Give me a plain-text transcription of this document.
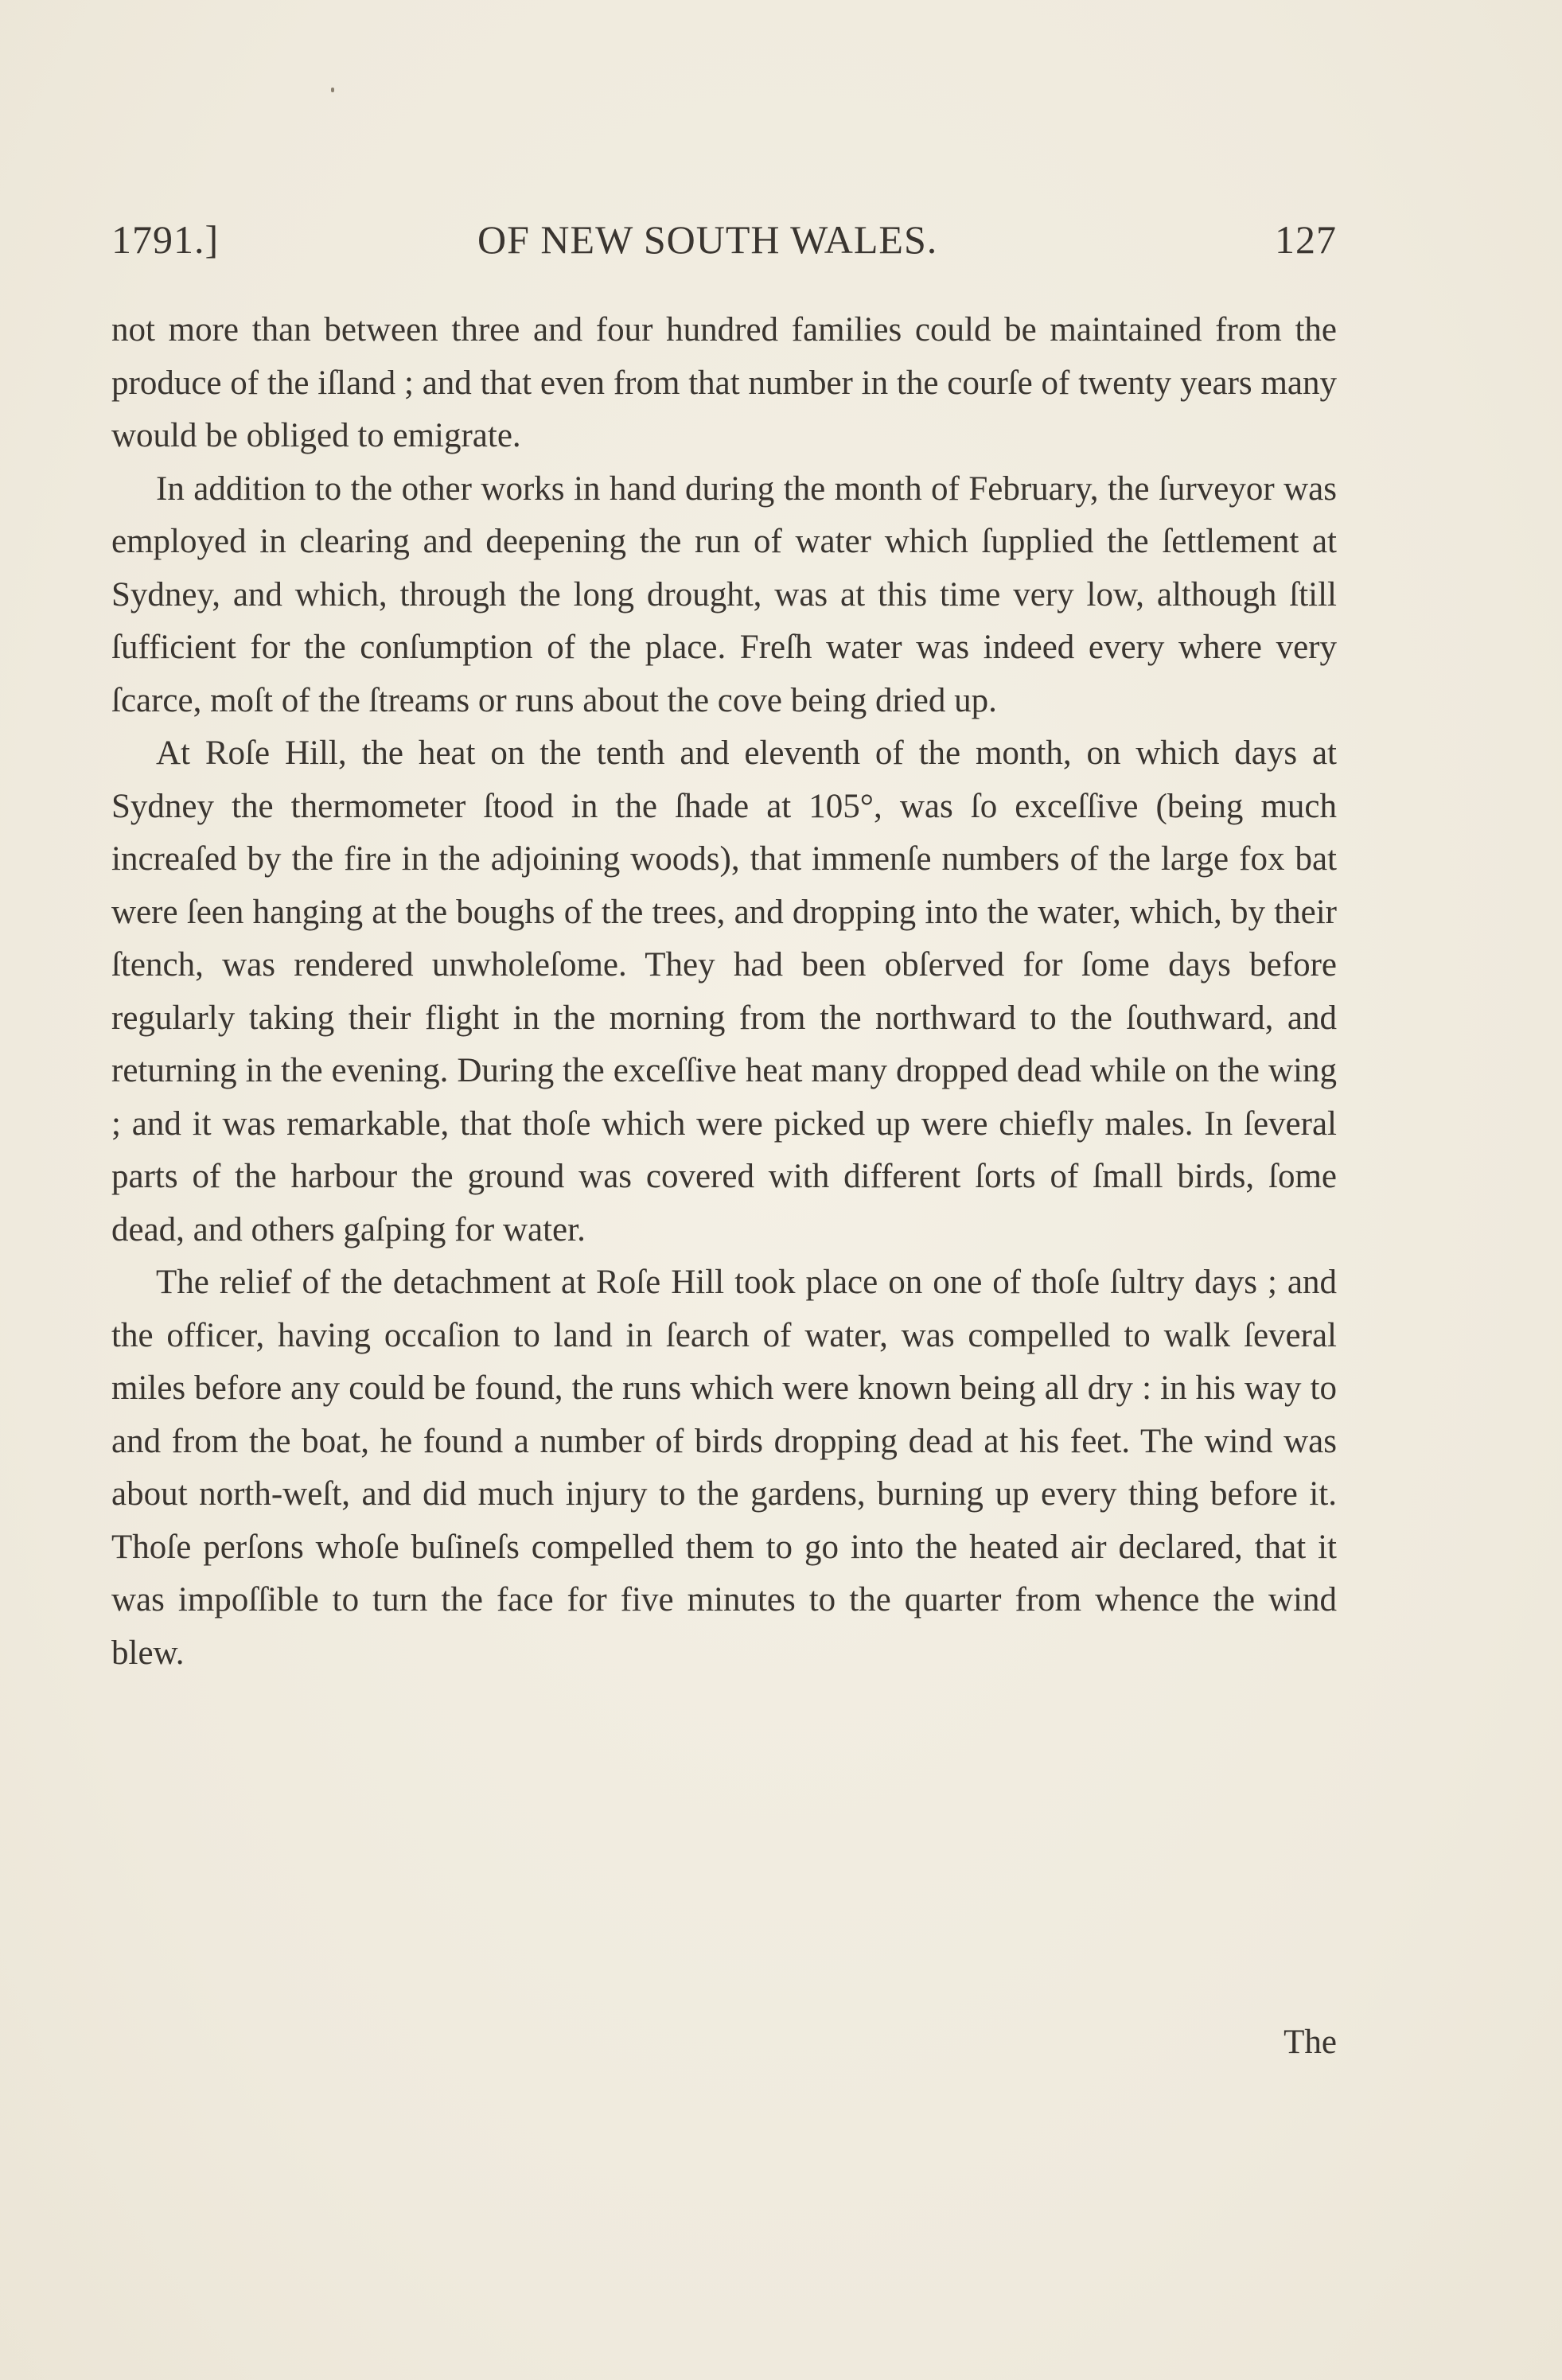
1791.]	OF NEW SOUTH WALES.	127

not more than between three and four hundred families could be maintained from the produce of the iſland ; and that even from that number in the courſe of twenty years many would be obliged to emigrate.

In addition to the other works in hand during the month of February, the ſurveyor was employed in clearing and deepening the run of water which ſupplied the ſettlement at Sydney, and which, through the long drought, was at this time very low, although ſtill ſufficient for the conſumption of the place. Freſh water was indeed every where very ſcarce, moſt of the ſtreams or runs about the cove being dried up.

At Roſe Hill, the heat on the tenth and eleventh of the month, on which days at Sydney the thermometer ſtood in the ſhade at 105°, was ſo exceſſive (being much increaſed by the fire in the adjoining woods), that immenſe numbers of the large fox bat were ſeen hanging at the boughs of the trees, and dropping into the water, which, by their ſtench, was rendered unwholeſome. They had been obſerved for ſome days before regularly taking their flight in the morning from the northward to the ſouthward, and returning in the evening. During the exceſſive heat many dropped dead while on the wing ; and it was remarkable, that thoſe which were picked up were chiefly males. In ſeveral parts of the harbour the ground was covered with different ſorts of ſmall birds, ſome dead, and others gaſping for water.

The relief of the detachment at Roſe Hill took place on one of thoſe ſultry days ; and the officer, having occaſion to land in ſearch of water, was compelled to walk ſeveral miles before any could be found, the runs which were known being all dry : in his way to and from the boat, he found a number of birds dropping dead at his feet. The wind was about north-weſt, and did much injury to the gardens, burning up every thing before it. Thoſe perſons whoſe buſineſs compelled them to go into the heated air declared, that it was impoſſible to turn the face for five minutes to the quarter from whence the wind blew.

The
